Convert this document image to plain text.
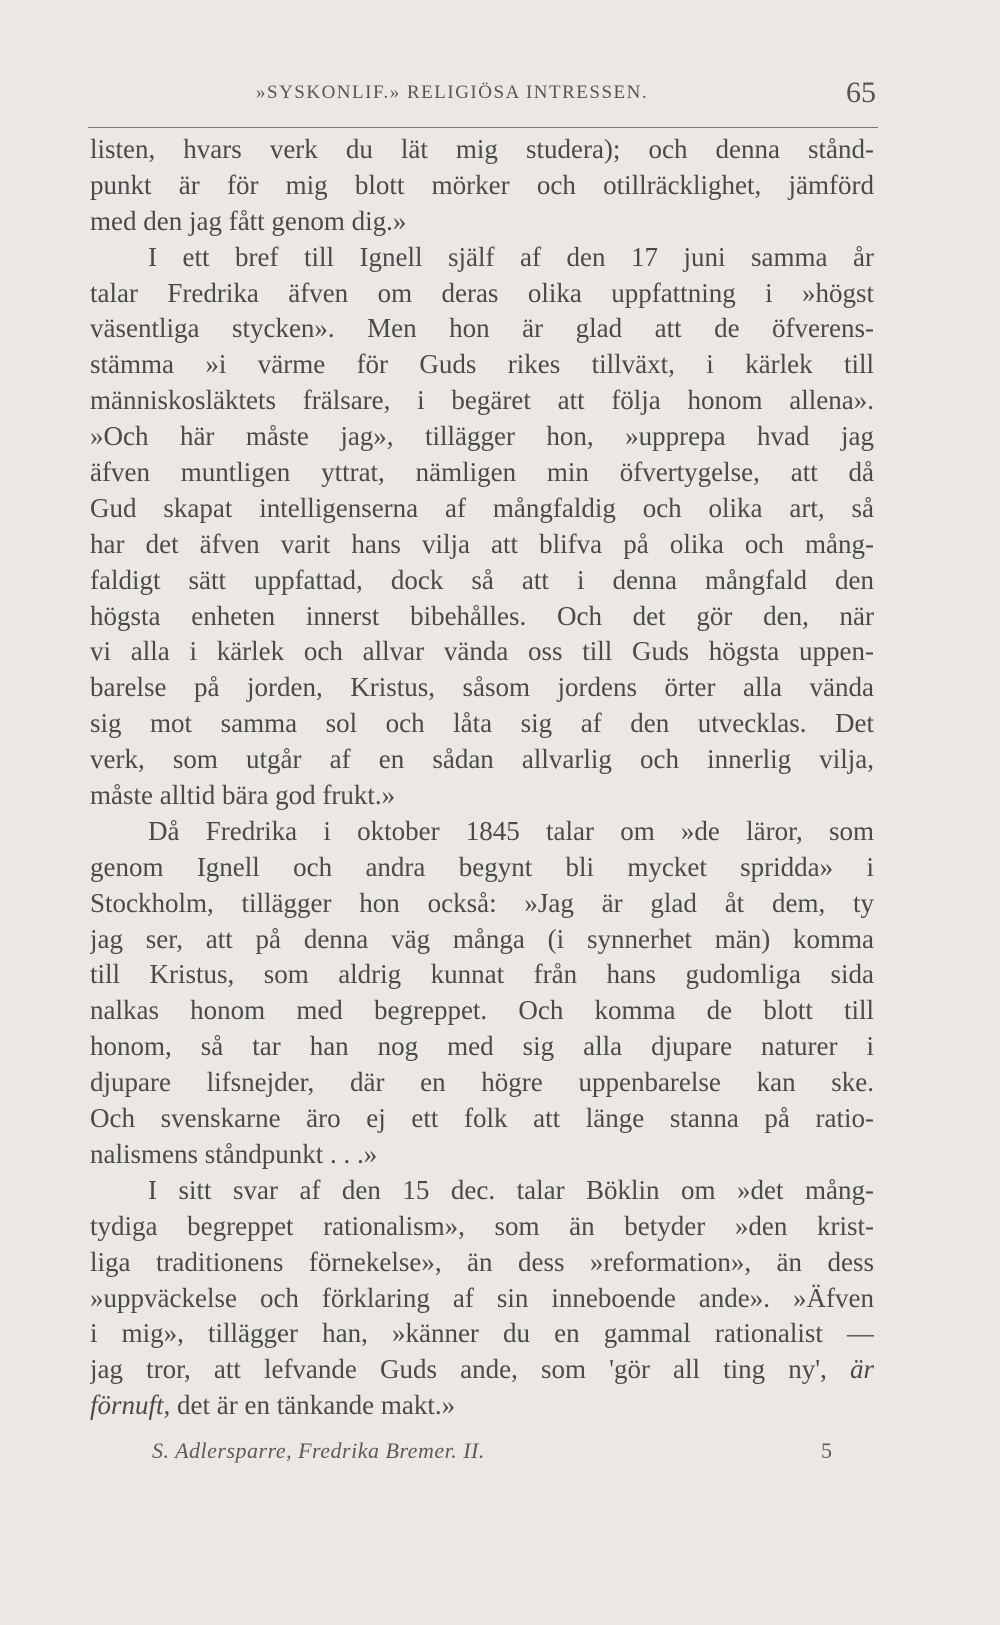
»SYSKONLIF.» RELIGIÖSA INTRESSEN.	65
listen, hvars verk du lät mig studera); och denna stånd-
punkt är för mig blott mörker och otillräcklighet, jämförd
med den jag fått genom dig.»
I ett bref till Ignell själf af den 17 juni samma år
talar Fredrika äfven om deras olika uppfattning i »högst
väsentliga stycken». Men hon är glad att de öfverens-
stämma »i värme för Guds rikes tillväxt, i kärlek till
människosläktets frälsare, i begäret att följa honom allena».
»Och här måste jag», tillägger hon, »upprepa hvad jag
äfven muntligen yttrat, nämligen min öfvertygelse, att då
Gud skapat intelligenserna af mångfaldig och olika art, så
har det äfven varit hans vilja att blifva på olika och mång-
faldigt sätt uppfattad, dock så att i denna mångfald den
högsta enheten innerst bibehålles. Och det gör den, när
vi alla i kärlek och allvar vända oss till Guds högsta uppen-
barelse på jorden, Kristus, såsom jordens örter alla vända
sig mot samma sol och låta sig af den utvecklas. Det
verk, som utgår af en sådan allvarlig och innerlig vilja,
måste alltid bära god frukt.»
Då Fredrika i oktober 1845 talar om »de läror, som
genom Ignell och andra begynt bli mycket spridda» i
Stockholm, tillägger hon också: »Jag är glad åt dem, ty
jag ser, att på denna väg många (i synnerhet män) komma
till Kristus, som aldrig kunnat från hans gudomliga sida
nalkas honom med begreppet. Och komma de blott till
honom, så tar han nog med sig alla djupare naturer i
djupare lifsnejder, där en högre uppenbarelse kan ske.
Och svenskarne äro ej ett folk att länge stanna på ratio-
nalismens ståndpunkt . . .»
I sitt svar af den 15 dec. talar Böklin om »det mång-
tydiga begreppet rationalism», som än betyder »den krist-
liga traditionens förnekelse», än dess »reformation», än dess
»uppväckelse och förklaring af sin inneboende ande». »Äfven
i mig», tillägger han, »känner du en gammal rationalist —
jag tror, att lefvande Guds ande, som 'gör all ting ny', är
förnuft, det är en tänkande makt.»
S. Adlersparre, Fredrika Bremer. II.	5
